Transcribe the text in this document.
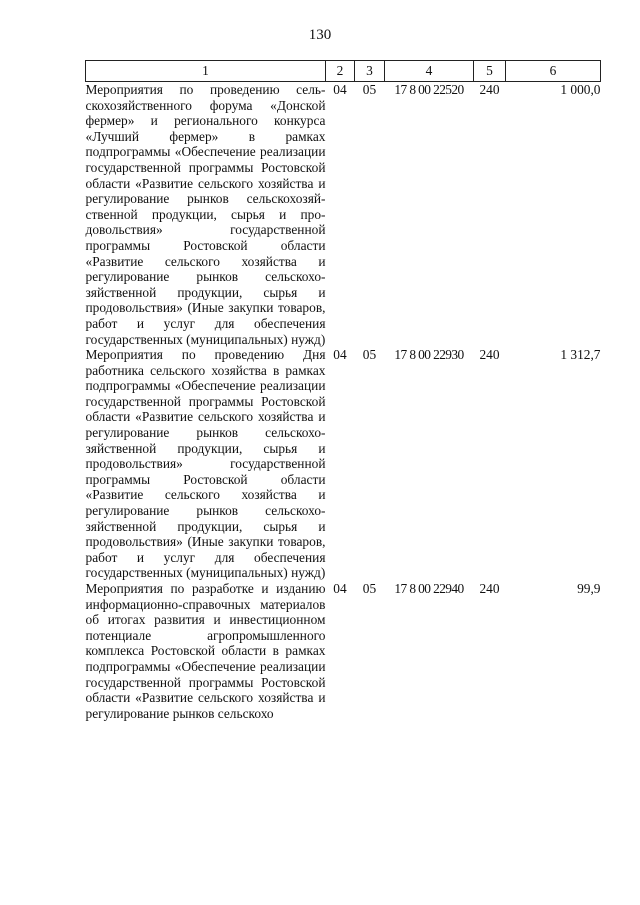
130
1	2	3	4	5	6
Мероприятия по проведению сельскохозяйственного форума «Донской фермер» и регионального конкурса «Лучший фермер» в рамках подпрограммы «Обеспечение реализации государственной программы Ростовской области «Развитие сельского хозяйства и регулирование рынков сельскохозяйственной продукции, сырья и продовольствия» государственной программы Ростовской области «Развитие сельского хозяйства и регулирование рынков сельскохозяйственной продукции, сырья и продовольствия» (Иные закупки товаров, работ и услуг для обеспечения государственных (муниципальных) нужд)	04	05	17 8 00 22520	240	1 000,0
Мероприятия по проведению Дня работника сельского хозяйства в рамках подпрограммы «Обеспечение реализации государственной программы Ростовской области «Развитие сельского хозяйства и регулирование рынков сельскохозяйственной продукции, сырья и продовольствия» государственной программы Ростовской области «Развитие сельского хозяйства и регулирование рынков сельскохозяйственной продукции, сырья и продовольствия» (Иные закупки товаров, работ и услуг для обеспечения государственных (муниципальных) нужд)	04	05	17 8 00 22930	240	1 312,7
Мероприятия по разработке и изданию информационно-справочных материалов об итогах развития и инвестиционном потенциале агропромышленного комплекса Ростовской области в рамках подпрограммы «Обеспечение реализации государственной программы Ростовской области «Развитие сельского хозяйства и регулирование рынков сельскохо	04	05	17 8 00 22940	240	99,9
